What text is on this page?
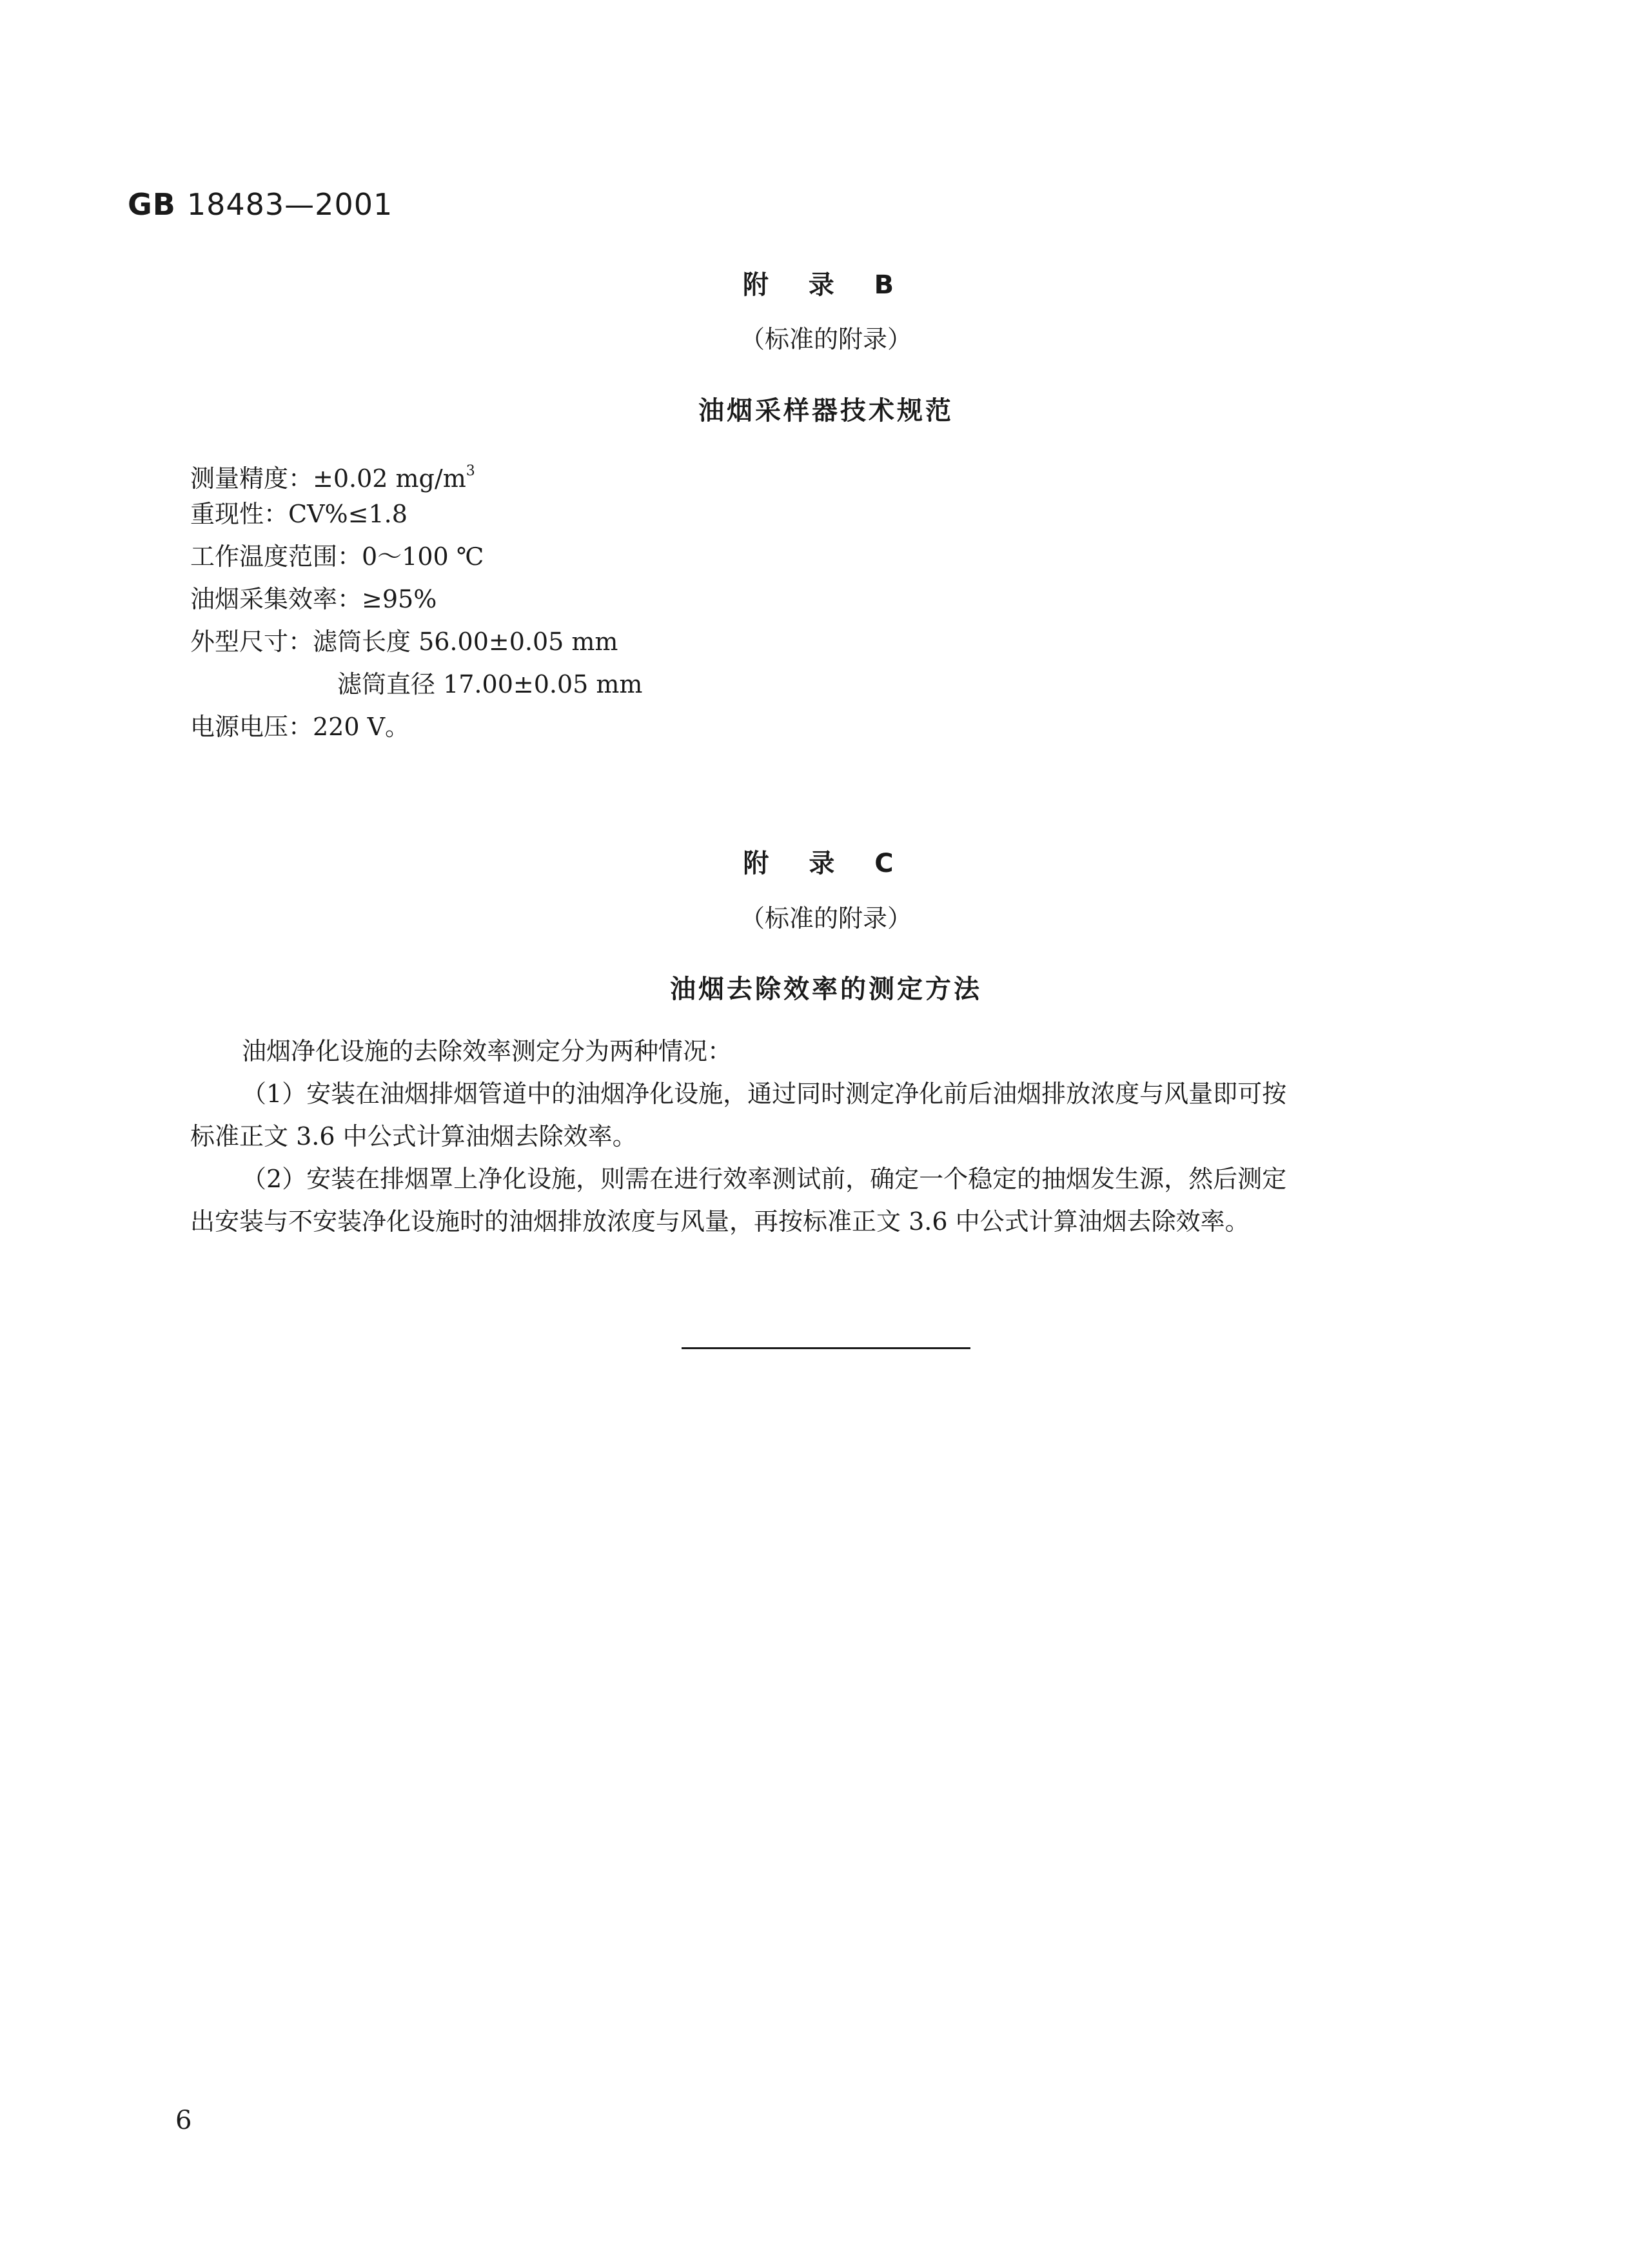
GB 18483—2001
附 录 B
（标准的附录）
油烟采样器技术规范
测量精度：±0.02 $mg/m^3$
重现性：CV%≤1.8
工作温度范围：0～100 ℃
油烟采集效率：≥95%
外型尺寸：滤筒长度 56.00±0.05 mm
滤筒直径 17.00±0.05 mm
电源电压：220 V。
附 录 C
（标准的附录）
油烟去除效率的测定方法

油烟净化设施的去除效率测定分为两种情况：

（1）安装在油烟排烟管道中的油烟净化设施，通过同时测定净化前后油烟排放浓度与风量即可按
标准正文 3.6 中公式计算油烟去除效率。

（2）安装在排烟罩上净化设施，则需在进行效率测试前，确定一个稳定的抽烟发生源，然后测定
出安装与不安装净化设施时的油烟排放浓度与风量，再按标准正文 3.6 中公式计算油烟去除效率。

6
